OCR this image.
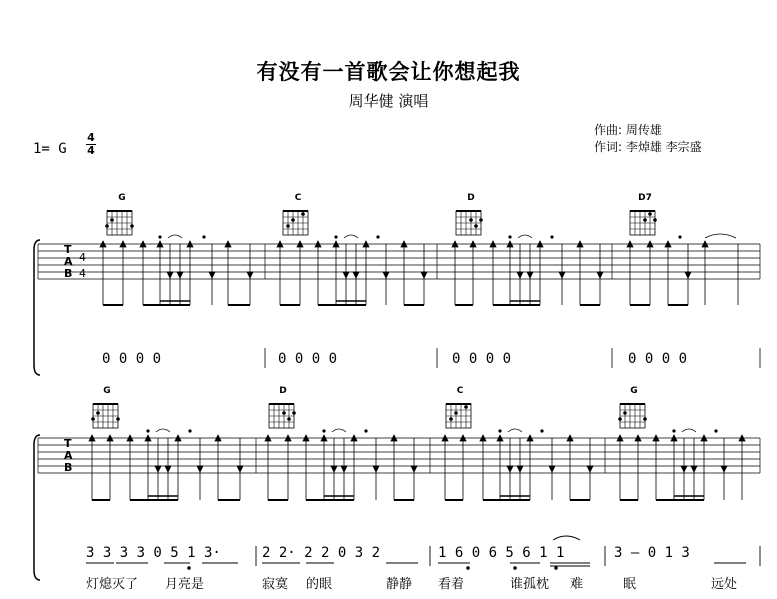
有没有一首歌会让你想起我
周华健 演唱
1= G
4
4
作曲: 周传雄
作词: 李焯雄 李宗盛
G	C	D	D7
T
A
B
4
4
0 0 0 0	0 0 0 0	0 0 0 0	0 0 0 0
G	D	C	G
T
A
B
3 3 3 3 0 5 1 3·	2 2· 2 2 0 3 2	1 6 0 6 5 6 1 1	3 – 0 1 3
灯熄灭了 月亮是	寂寞 的眼	静静 看着	谁孤枕 难	眠	远处
